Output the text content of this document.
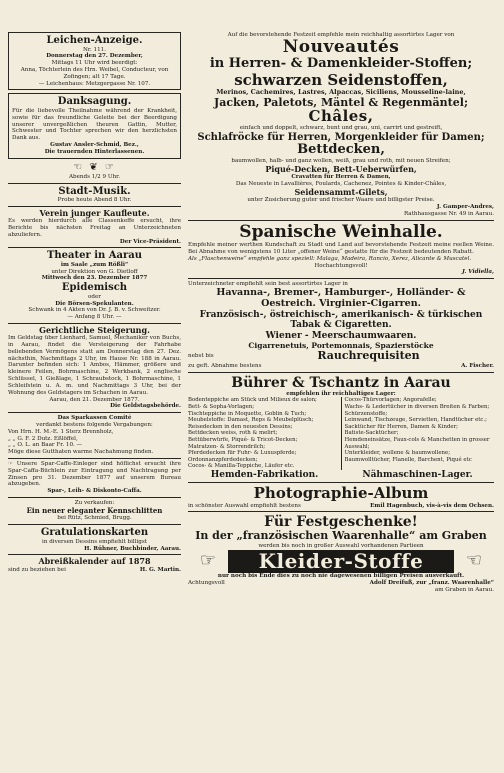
Leichen-Anzeige.
Nr. 111.
Donnerstag den 27. Dezember,
Mittags 11 Uhr wird beerdigt:
Anna, Töchterlein des Hrn. Weibel, Conducteur, von Zofingen; alt 17 Tage.
— Leichenhaus: Metzgergasse Nr. 107.
Danksagung.

Für die liebevolle Theilnahme während der Krankheit, sowie für das freundliche Geleite bei der Beerdigung unserer unvergeßlichen theuren Gattin, Mutter, Schwester und Tochter sprechen wir den herzlichsten Dank aus.

Gustav Ansler-Schmid, Bez.,
Die trauernden Hinterlassenen.
☜ ❦ ☞
Abends 1/2 9 Uhr.
Stadt-Musik.
Probe heute Abend 8 Uhr.
Verein junger Kaufleute.

Es werden hierdurch alle Classenkeffe ersucht, ihre Berichte bis nächsten Freitag an Unterzeichneten abzuliefern.

Der Vice-Präsident.
Theater in Aarau
im Saale „zum Rößli“
unter Direktion von G. Dietloff
Mittwoch den 23. Dezember 1877
Epidemisch
oder
Die Börsen-Spekulanten.
Schwank in 4 Akten von Dr. J. B. v. Schweitzer.
— Anfang 8 Uhr. —
Gerichtliche Steigerung.

Im Geldstag über Lienhard, Samuel, Mechaniker von Buchs, in Aarau, findet die Versteigerung der Fahrhabe beliebenden Vermögens statt am Donnerstag den 27. Dez. nächsthin, Nachmittags 2 Uhr, im Hause Nr. 188 in Aarau. Darunter befinden sich: 1 Ambos, Hämmer, größere und kleinere Feilen, Bohrmaschine, 2 Werkbank, 2 englische Schlüssel, 1 Gießlage, 1 Schraubstock, 1 Bohrmaschine, 1 Schleifstein u. A. m. und Nachmittags 3 Uhr, bei der Wohnung des Geldstagers im Schachen in Aarau.

Aarau, den 21. Dezember 1877.
Die Geldstagsbehörde.
Das Sparkassen Comité
verdankt bestens folgende Vergabungen:
Von Hrn. H. M.-E. 1 Sterz Brennholz,
„ „ G. F. 2 Dutz. Eßlöffel,
„ „ O. L. an Baar Fr. 10. —
Möge diese Gutthaten warme Nachahmung finden.

☞ Unsere Spar-Caffe-Einleger sind höflichst ersucht ihre Spar-Caffa-Büchlein zur Eintragung und Nachtragung per Zinsen pro 31. Dezember 1877 auf unserem Bureau abzugeben.

Spar-, Leih- & Diskonto-Caffa.
Zu verkaufen:
Ein neuer eleganter Kennschlitten
bei Rütz, Schmied, Brugg.
Gratulationskarten
in diversen Dessins empfiehlt billigst
H. Rühner, Buchbinder, Aarau.
Abreißkalender auf 1878
sind zu beziehen bei	H. G. Martin.
Auf die bevorstehende Festzeit empfehle mein reichhaltig assortirtes Lager von
Nouveautés
in Herren- & Damenkleider-Stoffen;
schwarzen Seidenstoffen,
Merinos, Cachemires, Lastres, Alpaccas, Siciliens, Mousseline-laine,
Jacken, Paletots, Mäntel & Regenmäntel;
Châles,
einfach und doppelt, schwarz, bunt und grau, uni, carrirt und gestreift,
Schlafröcke für Herren, Morgenkleider für Damen;
Bettdecken,
baumwollen, halb- und ganz wollen, weiß, grau und roth, mit neuen Streifen;
Piqué-Decken, Bett-Ueberwürfen,
Cravatten für Herren & Damen,
Das Neueste in Lavallières, Foulards, Cachenez, Pointes & Kinder-Châles,
Seidensammt-Gilets,
unter Zusicherung guter und frischer Waare und billigster Preise.
J. Gamper-Andres,
Rathhausgasse Nr. 49 in Aarau.
Spanische Weinhalle.

Empfehle meiner werthen Kundschaft zu Stadt und Land auf bevorstehende Festzeit meine reellen Weine. Bei Abnahme von wenigstens 10 Liter „offener Weine“ gestatte für die Festzeit bedeutenden Rabatt.

Als „Flaschenweine“ empfehle ganz speziell: Malaga, Madeira, Rancio, Xerez, Alicante & Muscatel.

Hochachtungsvoll!
J. Vidiella,
Unterzeichneter empfiehlt sein best assortirtes Lager in
Havanna-, Bremer-, Hamburger-, Holländer- &
Oestreich. Virginier-Cigarren.
Französisch-, östreichisch-, amerikanisch- & türkischen
Tabak & Cigaretten.
Wiener - Meerschaumwaaren.
Cigarrenetuis, Portemonnais, Spazierstöcke
nebst bis	Rauchrequisiten
zu geft. Abnahme bestens	A. Fischer.
Bührer & Tschantz in Aarau
empfehlen ihr reichhaltiges Lager:
Bodenteppiche am Stück und Milieux de salon;
Bett- & Sopha-Vorlagen;
Tischteppiche in Moquette, Goblin & Tuch;
Meubelstoffe: Damast, Reps & Meubelplüsch;
Reisedecken in den neuesten Dessins;
Bettdecken weiss, roth & melirt;
Bettüberwürfe, Piqué- & Tricot-Decken;
Matratzen- & Storrendrilch;
Pferdedecken für Fuhr- & Luxuspferde;
Ordonnanzpferdedecken;
Cocos- & Manilla-Teppiche, Läufer etc.
Cocos-Thürvorlagen; Angorafelle;
Wachs- & Ledertücher in diversen Breiten & Farben; Schürzenstoffe;
Leinwand, Tischzeuge, Servietten, Handtücher etc.;
Sacktücher für Herren, Damen & Kinder;
Batiste-Sacktücher;
Hemdeneinsätze, Faux-cols & Manchetten in grosser Auswahl;
Unterkleider, wollene & baumwollene;
Baumwolltücher, Flanelle, Barchent, Piqué etc
Hemden-Fabrikation.	Nähmaschinen-Lager.
Photographie-Album
in schönster Auswahl empfiehlt bestens	Emil Hagenbuch, vis-à-vis dem Ochsen.
Für Festgeschenke!
In der „französischen Waarenhalle“ am Graben
werden bis noch in großer Auswahl vorhandenen Partieen
☞	Kleider-Stoffe	☜
nur noch bis Ende dies zu noch nie dagewesenen billigen Preisen ausverkauft.
Achtungsvoll	Adolf Dreifuß, zur „franz. Waarenhalle“
am Graben in Aarau.
